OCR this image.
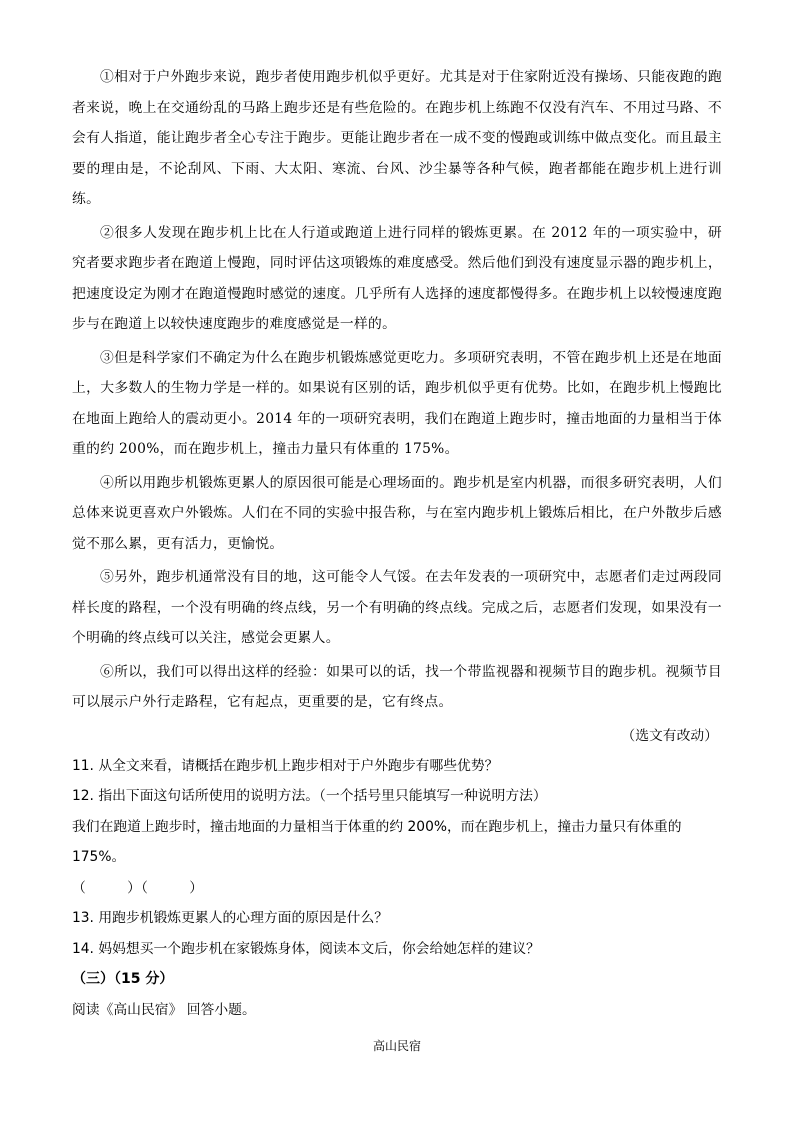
①相对于户外跑步来说，跑步者使用跑步机似乎更好。尤其是对于住家附近没有操场、只能夜跑的跑者来说，晚上在交通纷乱的马路上跑步还是有些危险的。在跑步机上练跑不仅没有汽车、不用过马路、不会有人指道，能让跑步者全心专注于跑步。更能让跑步者在一成不变的慢跑或训练中做点变化。而且最主要的理由是，不论刮风、下雨、大太阳、寒流、台风、沙尘暴等各种气候，跑者都能在跑步机上进行训练。

②很多人发现在跑步机上比在人行道或跑道上进行同样的锻炼更累。在 2012 年的一项实验中，研究者要求跑步者在跑道上慢跑，同时评估这项锻炼的难度感受。然后他们到没有速度显示器的跑步机上，把速度设定为刚才在跑道慢跑时感觉的速度。几乎所有人选择的速度都慢得多。在跑步机上以较慢速度跑步与在跑道上以较快速度跑步的难度感觉是一样的。

③但是科学家们不确定为什么在跑步机锻炼感觉更吃力。多项研究表明，不管在跑步机上还是在地面上，大多数人的生物力学是一样的。如果说有区别的话，跑步机似乎更有优势。比如，在跑步机上慢跑比在地面上跑给人的震动更小。2014 年的一项研究表明，我们在跑道上跑步时，撞击地面的力量相当于体重的约 200%，而在跑步机上，撞击力量只有体重的 175%。

④所以用跑步机锻炼更累人的原因很可能是心理场面的。跑步机是室内机器，而很多研究表明，人们总体来说更喜欢户外锻炼。人们在不同的实验中报告称，与在室内跑步机上锻炼后相比，在户外散步后感觉不那么累，更有活力，更愉悦。

⑤另外，跑步机通常没有目的地，这可能令人气馁。在去年发表的一项研究中，志愿者们走过两段同样长度的路程，一个没有明确的终点线，另一个有明确的终点线。完成之后，志愿者们发现，如果没有一个明确的终点线可以关注，感觉会更累人。

⑥所以，我们可以得出这样的经验：如果可以的话，找一个带监视器和视频节目的跑步机。视频节目可以展示户外行走路程，它有起点，更重要的是，它有终点。

（选文有改动）

11. 从全文来看，请概括在跑步机上跑步相对于户外跑步有哪些优势？

12. 指出下面这句话所使用的说明方法。（一个括号里只能填写一种说明方法）

我们在跑道上跑步时，撞击地面的力量相当于体重的约 200%，而在跑步机上，撞击力量只有体重的 175%。

（　　　）（　　　）

13. 用跑步机锻炼更累人的心理方面的原因是什么？

14. 妈妈想买一个跑步机在家锻炼身体，阅读本文后，你会给她怎样的建议？

（三）（15 分）

阅读《高山民宿》 回答小题。

高山民宿
